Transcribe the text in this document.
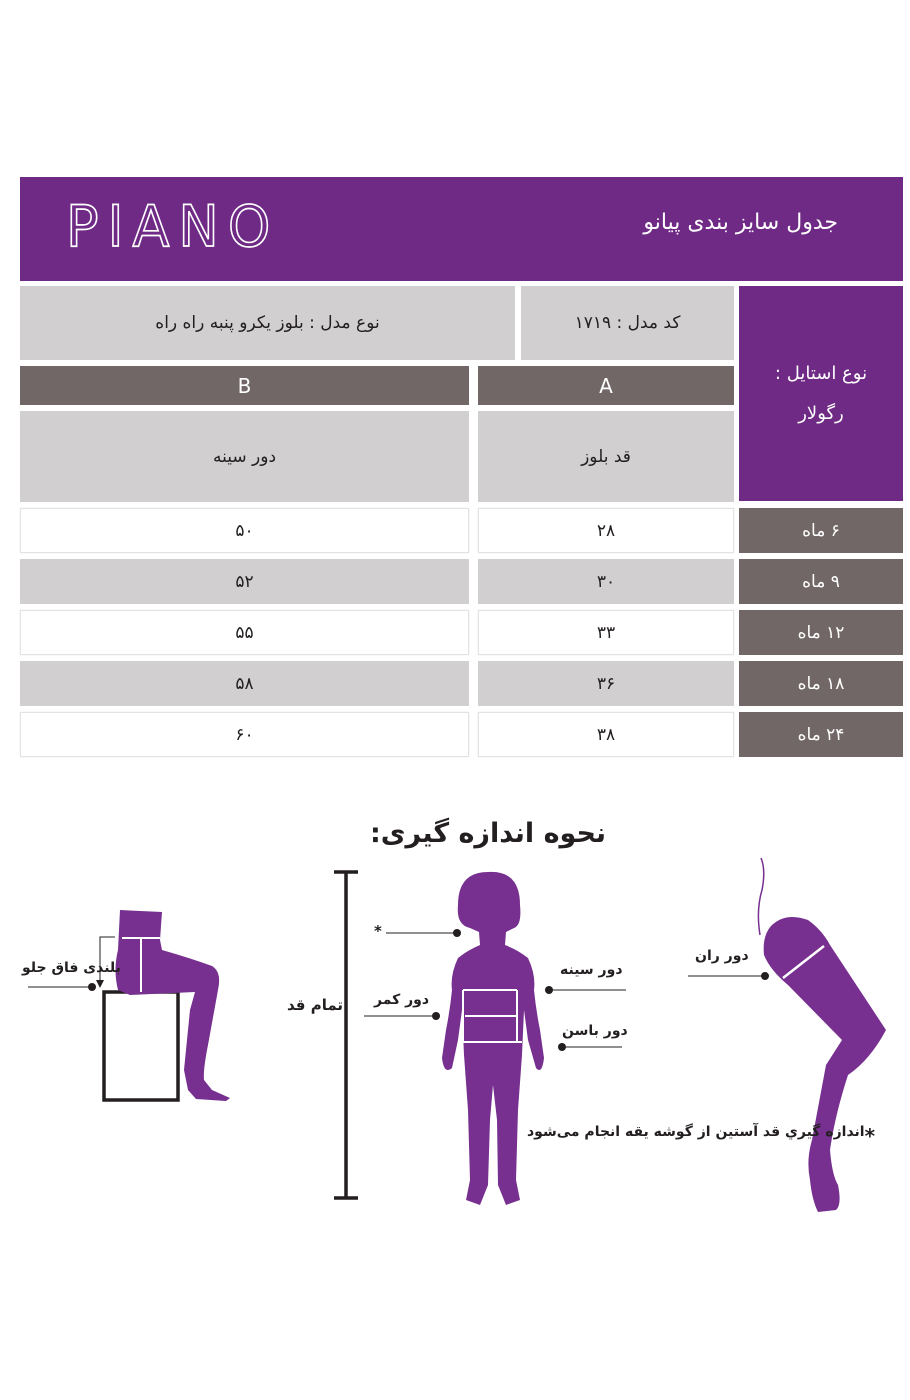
PIANO	جدول سایز بندی پیانو
نوع مدل : بلوز یکرو پنبه راه راه	کد مدل : ۱۷۱۹
نوع استایل :
رگولار
B	A
دور سینه	قد بلوز
۵۰	۲۸	۶ ماه
۵۲	۳۰	۹ ماه
۵۵	۳۳	۱۲ ماه
۵۸	۳۶	۱۸ ماه
۶۰	۳۸	۲۴ ماه
نحوه اندازه گیری:
بلندی فاق جلو
تمام قد
*
دور سینه
دور کمر
دور باسن
دور ران
*اندازه گیري قد آستین از گوشه یقه انجام می‌شود
